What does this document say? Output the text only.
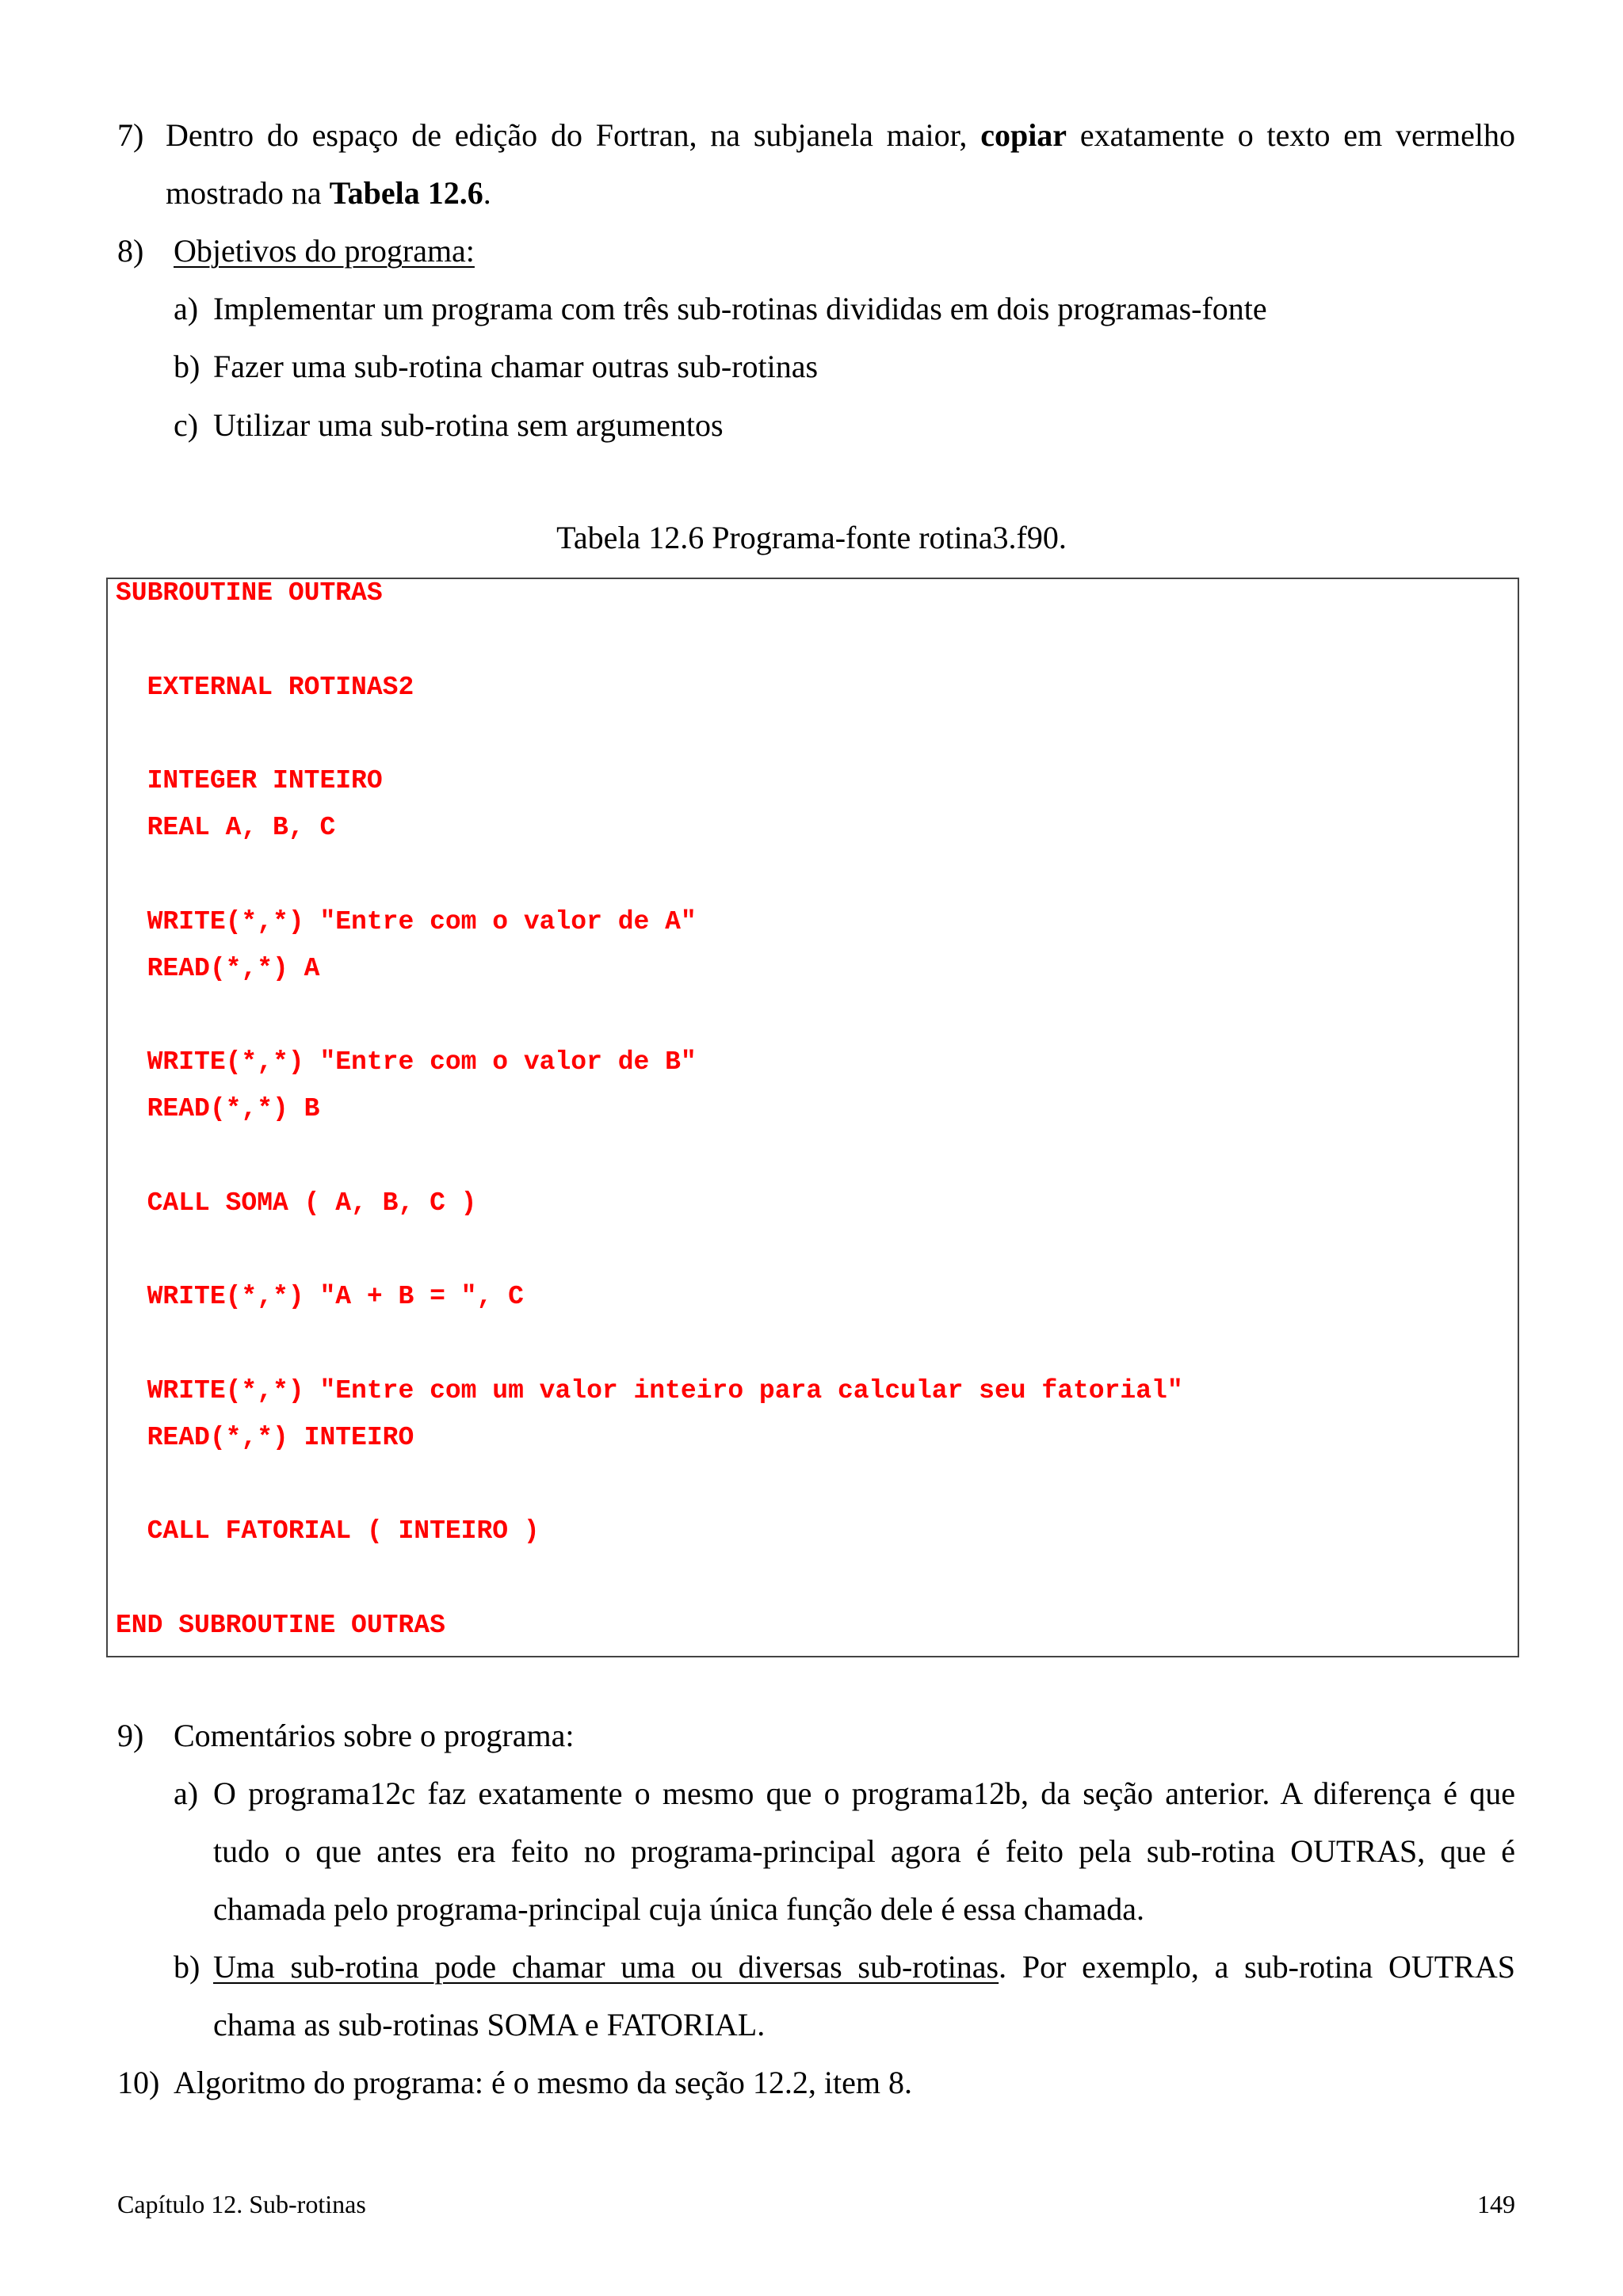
7) Dentro do espaço de edição do Fortran, na subjanela maior, copiar exatamente o texto em vermelho
mostrado na Tabela 12.6.
8) Objetivos do programa:
a) Implementar um programa com três sub-rotinas divididas em dois programas-fonte
b) Fazer uma sub-rotina chamar outras sub-rotinas
c) Utilizar uma sub-rotina sem argumentos
Tabela 12.6 Programa-fonte rotina3.f90.
SUBROUTINE OUTRAS
EXTERNAL ROTINAS2
INTEGER INTEIRO
REAL A, B, C
WRITE(*,*) "Entre com o valor de A"
READ(*,*) A
WRITE(*,*) "Entre com o valor de B"
READ(*,*) B
CALL SOMA ( A, B, C )
WRITE(*,*) "A + B = ", C
WRITE(*,*) "Entre com um valor inteiro para calcular seu fatorial"
READ(*,*) INTEIRO
CALL FATORIAL ( INTEIRO )
END SUBROUTINE OUTRAS
9) Comentários sobre o programa:
a) O programa12c faz exatamente o mesmo que o programa12b, da seção anterior. A diferença é que
tudo o que antes era feito no programa-principal agora é feito pela sub-rotina OUTRAS, que é
chamada pelo programa-principal cuja única função dele é essa chamada.
b) Uma sub-rotina pode chamar uma ou diversas sub-rotinas. Por exemplo, a sub-rotina OUTRAS
chama as sub-rotinas SOMA e FATORIAL.
10) Algoritmo do programa: é o mesmo da seção 12.2, item 8.
Capítulo 12. Sub-rotinas	149
